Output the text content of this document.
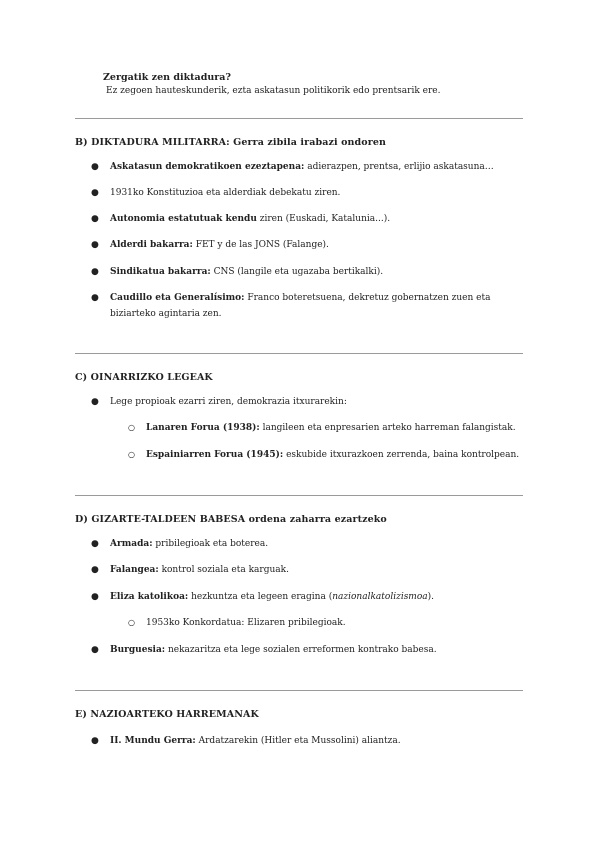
Zergatik zen diktadura?
Ez zegoen hauteskunderik, ezta askatasun politikorik edo prentsarik ere.
B) DIKTADURA MILITARRA: Gerra zibila irabazi ondoren
● Askatasun demokratikoen ezeztapena: adierazpen, prentsa, erlijio askatasuna…
● 1931ko Konstituzioa eta alderdiak debekatu ziren.
● Autonomia estatutuak kendu ziren (Euskadi, Katalunia...).
● Alderdi bakarra: FET y de las JONS (Falange).
● Sindikatua bakarra: CNS (langile eta ugazaba bertikalki).
● Caudillo eta Generalísimo: Franco boteretsuena, dekretuz gobernatzen zuen eta biziarteko agintaria zen.
C) OINARRIZKO LEGEAK
● Lege propioak ezarri ziren, demokrazia itxurarekin:
○ Lanaren Forua (1938): langileen eta enpresarien arteko harreman falangistak.
○ Espainiarren Forua (1945): eskubide itxurazkoen zerrenda, baina kontrolpean.
D) GIZARTE-TALDEEN BABESA ordena zaharra ezartzeko
● Armada: pribilegioak eta boterea.
● Falangea: kontrol soziala eta karguak.
● Eliza katolikoa: hezkuntza eta legeen eragina (nazionalkatolizismoa).
○ 1953ko Konkordatua: Elizaren pribilegioak.
● Burguesia: nekazaritza eta lege sozialen erreformen kontrako babesa.
E) NAZIOARTEKO HARREMANAK
● II. Mundu Gerra: Ardatzarekin (Hitler eta Mussolini) aliantza.
